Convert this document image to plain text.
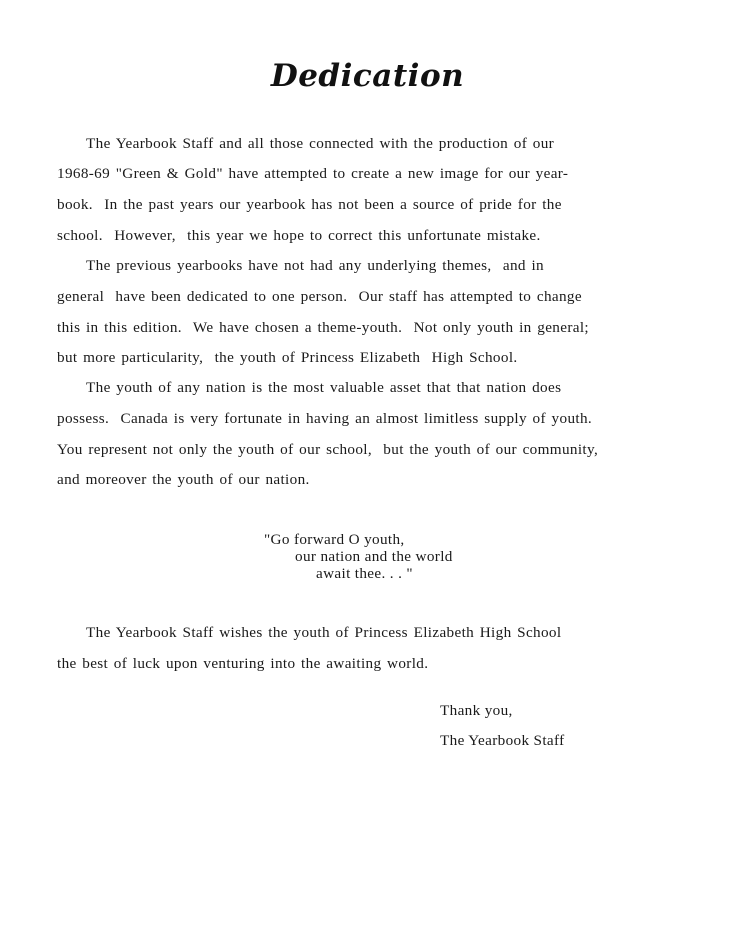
Dedication
The Yearbook Staff and all those connected with the production of our
1968-69 "Green & Gold" have attempted to create a new image for our year-
book.  In the past years our yearbook has not been a source of pride for the
school.  However,  this year we hope to correct this unfortunate mistake.
The previous yearbooks have not had any underlying themes,  and in
general  have been dedicated to one person.  Our staff has attempted to change
this in this edition.  We have chosen a theme-youth.  Not only youth in general;
but more particularity,  the youth of Princess Elizabeth  High School.
The youth of any nation is the most valuable asset that that nation does
possess.  Canada is very fortunate in having an almost limitless supply of youth.
You represent not only the youth of our school,  but the youth of our community,
and moreover the youth of our nation.
"Go forward O youth,
our nation and the world
await thee. . . "
The Yearbook Staff wishes the youth of Princess Elizabeth High School
the best of luck upon venturing into the awaiting world.
Thank you,
The Yearbook Staff
